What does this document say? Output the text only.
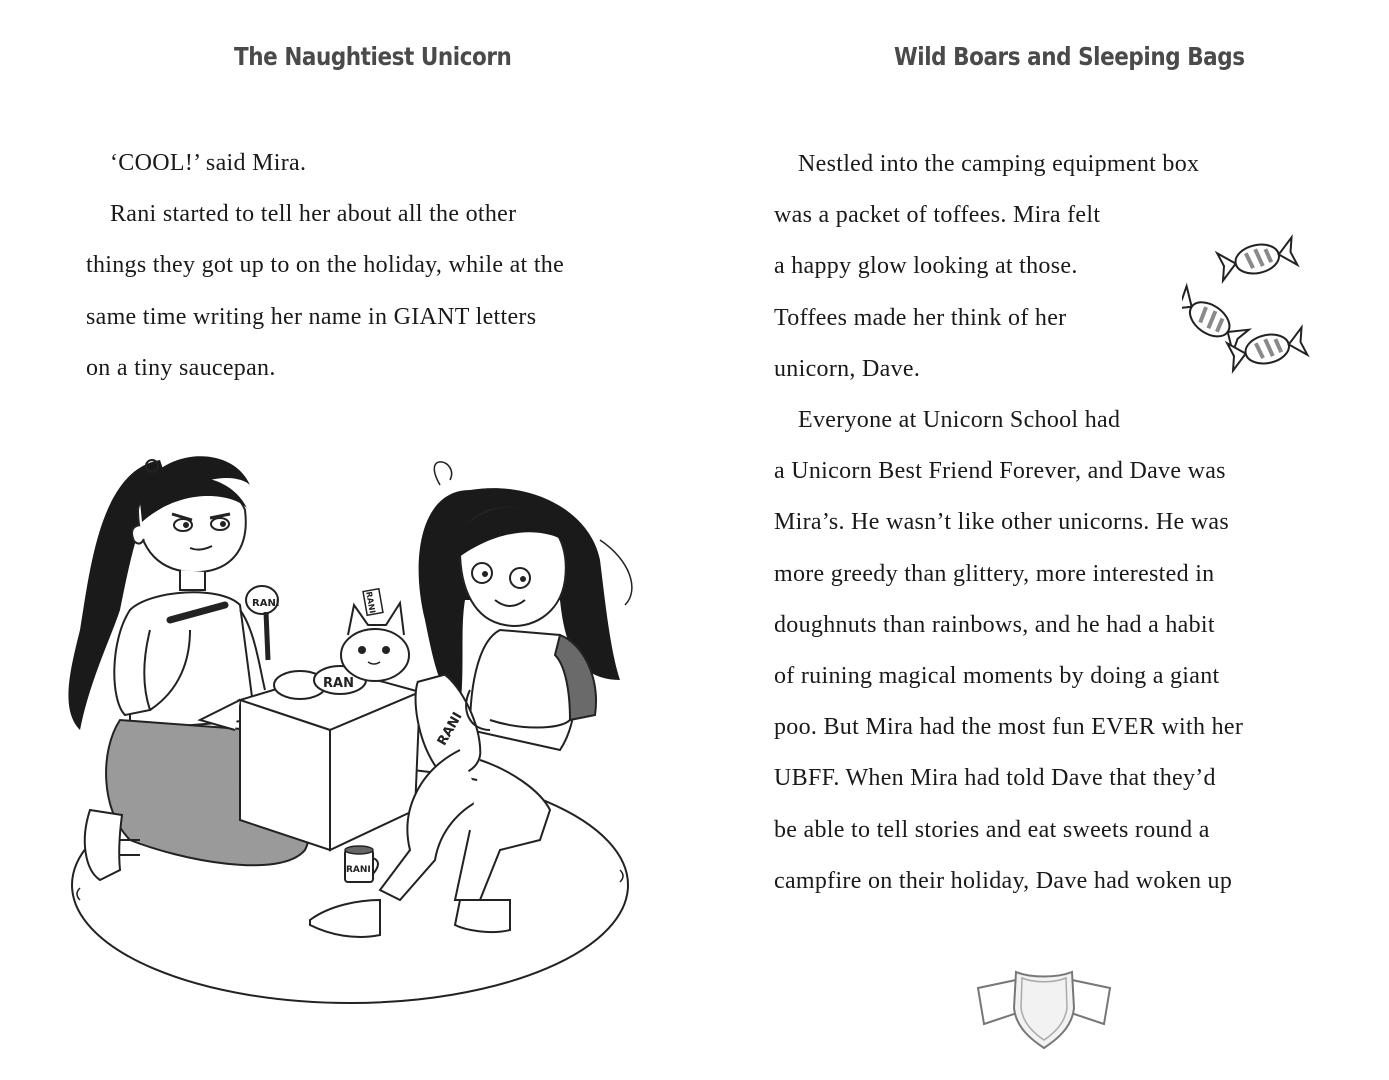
The Naughtiest Unicorn

‘COOL!’ said Mira.

Rani started to tell her about all the other

things they got up to on the holiday, while at the

same time writing her name in GIANT letters

on a tiny saucepan.

RANI
RAN
RANI
RANI
RANI
Wild Boars and Sleeping Bags

Nestled into the camping equipment box

was a packet of toffees. Mira felt

a happy glow looking at those.

Toffees made her think of her

unicorn, Dave.

Everyone at Unicorn School had

a Unicorn Best Friend Forever, and Dave was

Mira’s. He wasn’t like other unicorns. He was

more greedy than glittery, more interested in

doughnuts than rainbows, and he had a habit

of ruining magical moments by doing a giant

poo. But Mira had the most fun EVER with her

UBFF. When Mira had told Dave that they’d

be able to tell stories and eat sweets round a

campfire on their holiday, Dave had woken up
